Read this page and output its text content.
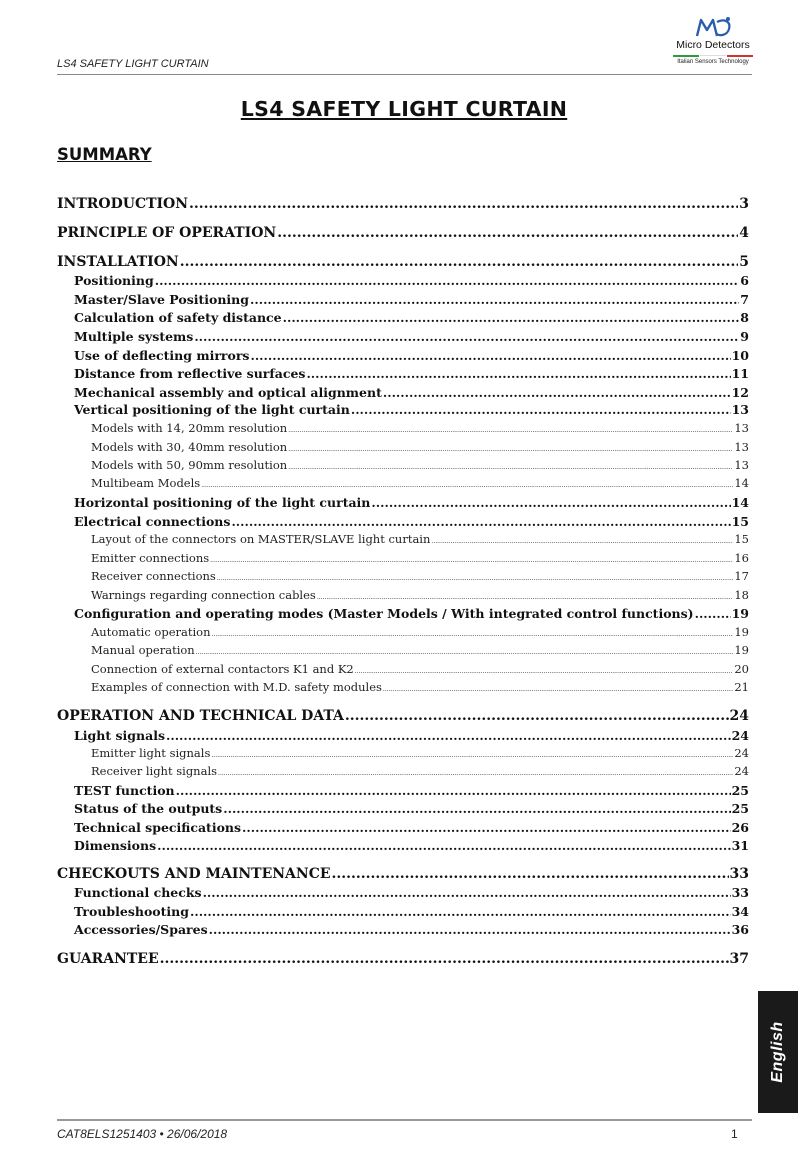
LS4 SAFETY LIGHT CURTAIN
Micro Detectors
Italian Sensors Technology
LS4 SAFETY LIGHT CURTAIN
SUMMARY
INTRODUCTION .....	3
PRINCIPLE OF OPERATION .....	4
INSTALLATION .....	5
Positioning .....	6
Master/Slave Positioning .....	7
Calculation of safety distance .....	8
Multiple systems .....	9
Use of deflecting mirrors .....	10
Distance from reflective surfaces .....	11
Mechanical assembly and optical alignment .....	12
Vertical positioning of the light curtain .....	13
Models with 14, 20mm resolution .....	13
Models with 30, 40mm resolution .....	13
Models with 50, 90mm resolution .....	13
Multibeam Models .....	14
Horizontal positioning of the light curtain .....	14
Electrical connections .....	15
Layout of the connectors on MASTER/SLAVE light curtain .....	15
Emitter connections .....	16
Receiver connections .....	17
Warnings regarding connection cables .....	18
Configuration and operating modes (Master Models / With integrated control functions) .....	19
Automatic operation .....	19
Manual operation .....	19
Connection of external contactors K1 and K2 .....	20
Examples of connection with M.D. safety modules .....	21
OPERATION AND TECHNICAL DATA .....	24
Light signals .....	24
Emitter light signals .....	24
Receiver light signals .....	24
TEST function .....	25
Status of the outputs .....	25
Technical specifications .....	26
Dimensions .....	31
CHECKOUTS AND MAINTENANCE .....	33
Functional checks .....	33
Troubleshooting .....	34
Accessories/Spares .....	36
GUARANTEE .....	37
English
CAT8ELS1251403 • 26/06/2018	1
